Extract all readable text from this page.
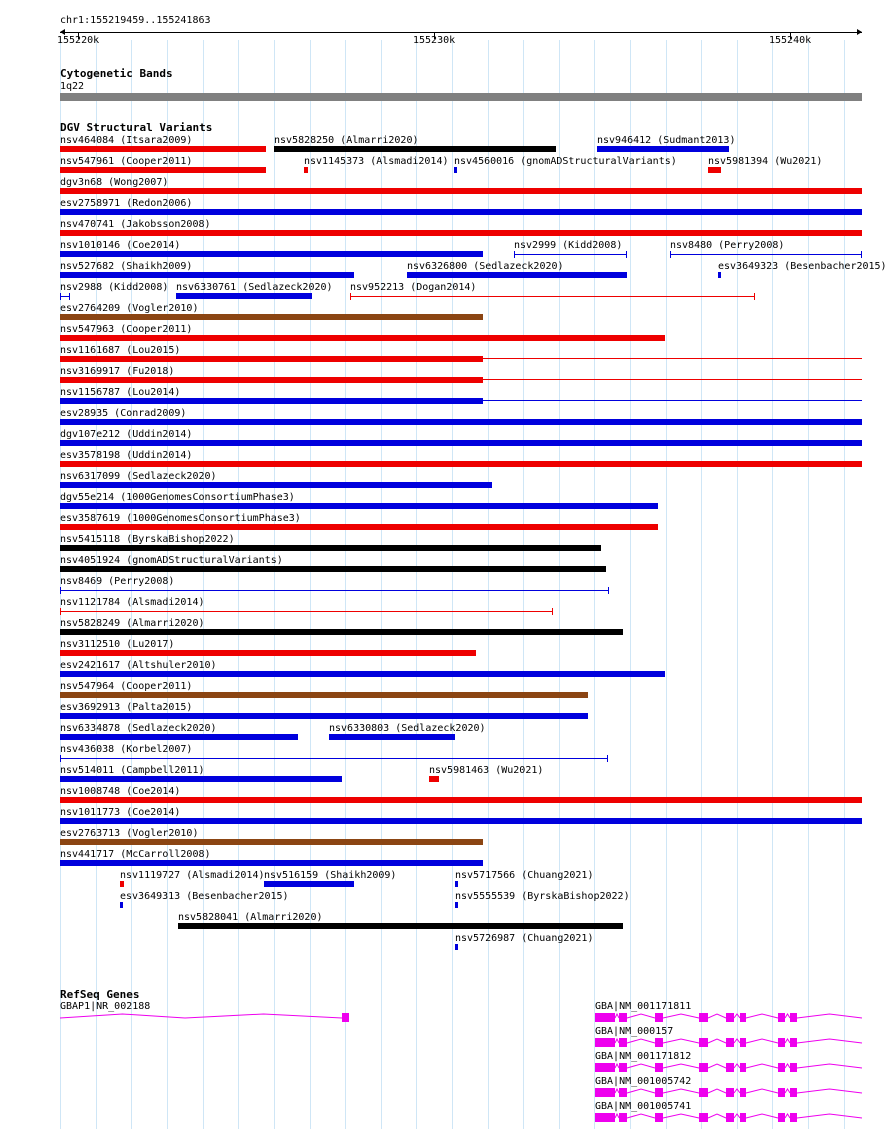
chr1:155219459..155241863
155220k	155230k	155240k
Cytogenetic Bands
1q22
DGV Structural Variants
nsv464084 (Itsara2009)	nsv5828250 (Almarri2020)	nsv946412 (Sudmant2013)
nsv547961 (Cooper2011)	nsv1145373 (Alsmadi2014) nsv4560016 (gnomADStructuralVariants)	nsv5981394 (Wu2021)
dgv3n68 (Wong2007)
esv2758971 (Redon2006)
nsv470741 (Jakobsson2008)
nsv1010146 (Coe2014)	nsv2999 (Kidd2008)	nsv8480 (Perry2008)
nsv527682 (Shaikh2009)	nsv6326800 (Sedlazeck2020)	esv3649323 (Besenbacher2015)
nsv2988 (Kidd2008) nsv6330761 (Sedlazeck2020) nsv952213 (Dogan2014)
esv2764209 (Vogler2010)
nsv547963 (Cooper2011)
nsv1161687 (Lou2015)
nsv3169917 (Fu2018)
nsv1156787 (Lou2014)
esv28935 (Conrad2009)
dgv107e212 (Uddin2014)
esv3578198 (Uddin2014)
nsv6317099 (Sedlazeck2020)
dgv55e214 (1000GenomesConsortiumPhase3)
esv3587619 (1000GenomesConsortiumPhase3)
nsv5415118 (ByrskaBishop2022)
nsv4051924 (gnomADStructuralVariants)
nsv8469 (Perry2008)
nsv1121784 (Alsmadi2014)
nsv5828249 (Almarri2020)
nsv3112510 (Lu2017)
esv2421617 (Altshuler2010)
nsv547964 (Cooper2011)
esv3692913 (Palta2015)
nsv6334878 (Sedlazeck2020)	nsv6330803 (Sedlazeck2020)
nsv436038 (Korbel2007)
nsv514011 (Campbell2011)	nsv5981463 (Wu2021)
nsv1008748 (Coe2014)
nsv1011773 (Coe2014)
esv2763713 (Vogler2010)
nsv441717 (McCarroll2008)
nsv1119727 (Alsmadi2014) nsv516159 (Shaikh2009)	nsv5717566 (Chuang2021)
esv3649313 (Besenbacher2015)	nsv5555539 (ByrskaBishop2022)
nsv5828041 (Almarri2020)
nsv5726987 (Chuang2021)
RefSeq Genes
GBAP1|NR_002188	GBA|NM_001171811
GBA|NM_000157
GBA|NM_001171812
GBA|NM_001005742
GBA|NM_001005741
